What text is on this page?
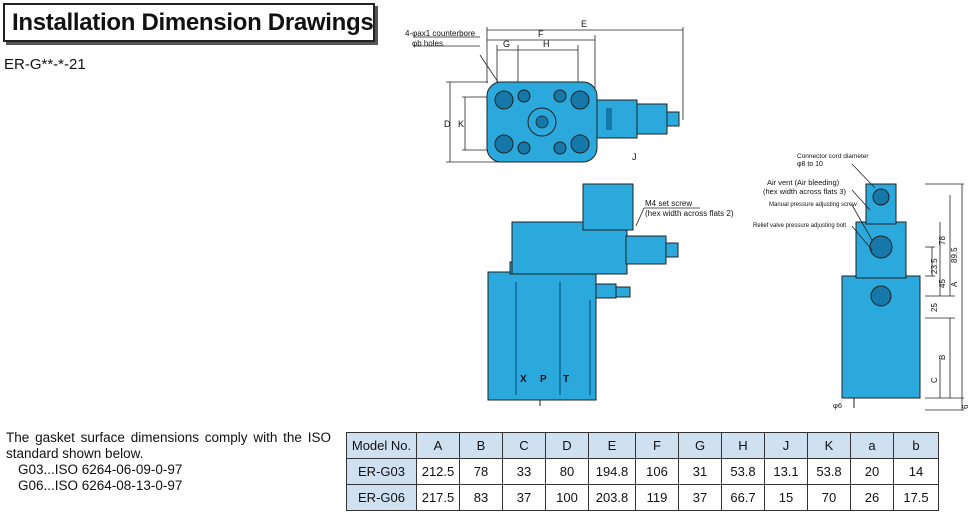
Installation Dimension Drawings
ER-G**-*-21
4-φax1 counterbore
φb holes
E
F
G	H
D K
J
M4 set screw
(hex width across flats 2)
X P T
Connector cord diameter
φ8 to 10
Air vent (Air bleeding)
(hex width across flats 3)
Manual pressure adjusting screw
Relief valve pressure adjusting bolt
89.5
78
23.5
A
45
25
B
C
6
φ6
The gasket surface dimensions comply with the ISO standard shown below.
G03...ISO 6264-06-09-0-97
G06...ISO 6264-08-13-0-97
Model No.	A	B	C	D	E	F	G	H	J	K	a	b
ER-G03	212.5	78	33	80	194.8	106	31	53.8	13.1	53.8	20	14
ER-G06	217.5	83	37	100	203.8	119	37	66.7	15	70	26	17.5
